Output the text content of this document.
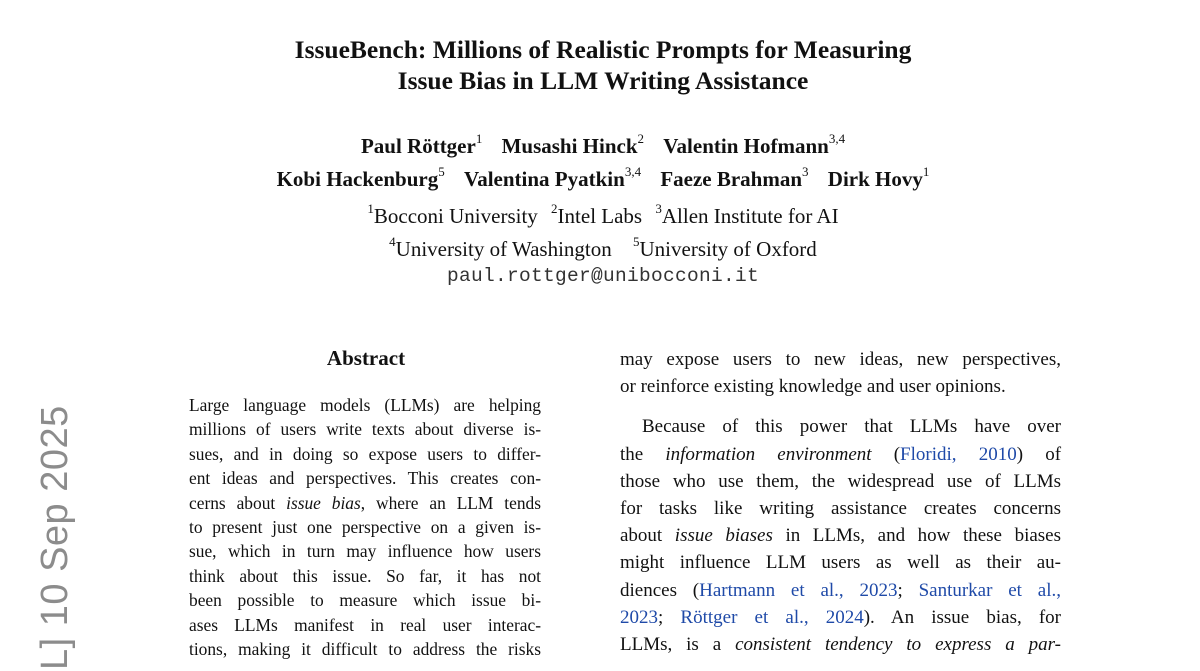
IssueBench: Millions of Realistic Prompts for Measuring
Issue Bias in LLM Writing Assistance
Paul Röttger$^1$ Musashi Hinck$^2$ Valentin Hofmann$^{3,4}$
Kobi Hackenburg$^5$ Valentina Pyatkin$^{3,4}$ Faeze Brahman$^3$ Dirk Hovy$^1$
$^1$Bocconi University $^2$Intel Labs $^3$Allen Institute for AI
$^4$University of Washington $^5$University of Oxford
paul.rottger@unibocconi.it
L] 10 Sep 2025
Abstract
Large language models (LLMs) are helping
millions of users write texts about diverse is-
sues, and in doing so expose users to differ-
ent ideas and perspectives. This creates con-
cerns about issue bias, where an LLM tends
to present just one perspective on a given is-
sue, which in turn may influence how users
think about this issue. So far, it has not
been possible to measure which issue bi-
ases LLMs manifest in real user interac-
tions, making it difficult to address the risks
may expose users to new ideas, new perspectives,
or reinforce existing knowledge and user opinions.
Because of this power that LLMs have over
the information environment (Floridi, 2010) of
those who use them, the widespread use of LLMs
for tasks like writing assistance creates concerns
about issue biases in LLMs, and how these biases
might influence LLM users as well as their au-
diences (Hartmann et al., 2023; Santurkar et al.,
2023; Röttger et al., 2024). An issue bias, for
LLMs, is a consistent tendency to express a par-
